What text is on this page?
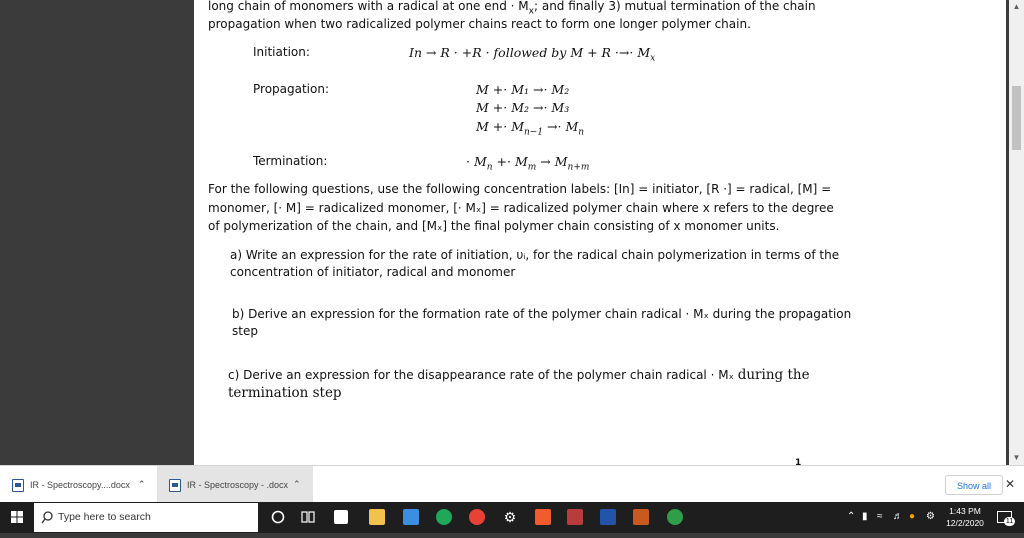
long chain of monomers with a radical at one end · $M_x$; and finally 3) mutual termination of the chain
propagation when two radicalized polymer chains react to form one longer polymer chain.
Initiation:	In → R · +R · followed by M + R ·→· $M_x$
Propagation:	M +· M₁ →· M₂
M +· M₂ →· M₃
$M +\cdot M_{n-1} \to\cdot M_n$
Termination:	· $M_n +\cdot M_m \to M_{n+m}$
For the following questions, use the following concentration labels: [In] = initiator, [R ·] = radical, [M] =
monomer, [· M] = radicalized monomer, [· Mₓ] = radicalized polymer chain where x refers to the degree
of polymerization of the chain, and [Mₓ] the final polymer chain consisting of x monomer units.
a) Write an expression for the rate of initiation, υᵢ, for the radical chain polymerization in terms of the
concentration of initiator, radical and monomer
b) Derive an expression for the formation rate of the polymer chain radical · Mₓ during the propagation
step
c) Derive an expression for the disappearance rate of the polymer chain radical · Mₓ during the
termination step
1
▲
▼
IR - Spectroscopy....docx ⌃	IR - Spectroscopy - .docx ⌃	Show all	✕
Type here to search	⚙	⌃ ▮ ≈ ♬ ● ⚙	1:43 PM
12/2/2020	11
